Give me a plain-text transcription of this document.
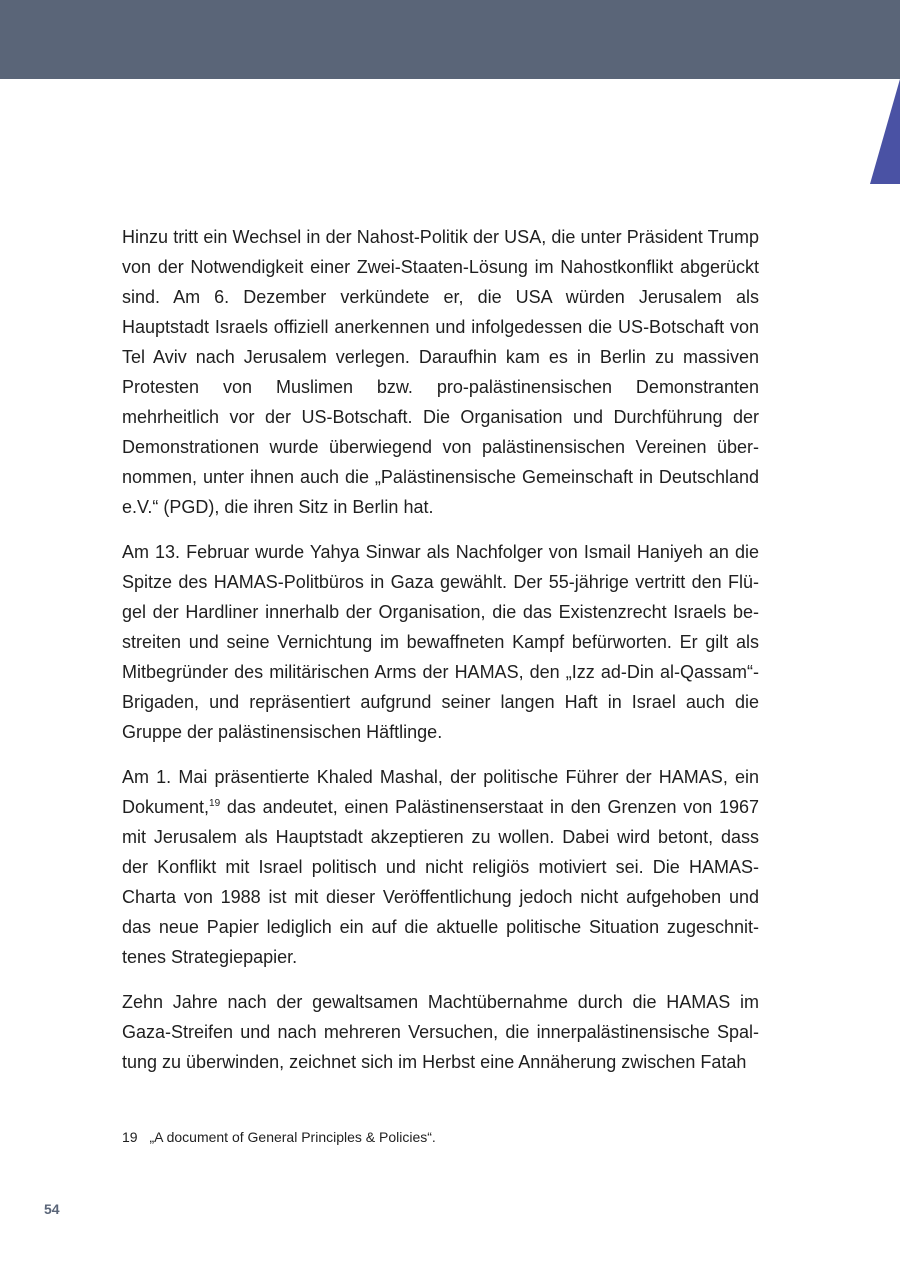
Hinzu tritt ein Wechsel in der Nahost-Politik der USA, die unter Präsident Trump von der Notwendigkeit einer Zwei-Staaten-Lösung im Nahostkonflikt abgerückt sind. Am 6. Dezember verkündete er, die USA würden Jerusalem als Hauptstadt Israels offiziell anerkennen und infolgedessen die US-Botschaft von Tel Aviv nach Jerusalem verlegen. Daraufhin kam es in Berlin zu massiven Protesten von Muslimen bzw. pro-palästinensischen Demonstranten mehrheitlich vor der US-Botschaft. Die Organisation und Durchführung der Demonstrationen wurde überwiegend von palästinensischen Vereinen übernommen, unter ihnen auch die „Palästinensische Gemeinschaft in Deutschland e.V.“ (PGD), die ihren Sitz in Berlin hat.

Am 13. Februar wurde Yahya Sinwar als Nachfolger von Ismail Haniyeh an die Spitze des HAMAS-Politbüros in Gaza gewählt. Der 55-jährige vertritt den Flügel der Hardliner innerhalb der Organisation, die das Existenzrecht Israels bestreiten und seine Vernichtung im bewaffneten Kampf befürworten. Er gilt als Mitbegründer des militärischen Arms der HAMAS, den „Izz ad-Din al-Qassam“-Brigaden, und repräsentiert aufgrund seiner langen Haft in Israel auch die Gruppe der palästinensischen Häftlinge.

Am 1. Mai präsentierte Khaled Mashal, der politische Führer der HAMAS, ein Dokument,$^{19}$ das andeutet, einen Palästinenserstaat in den Grenzen von 1967 mit Jerusalem als Hauptstadt akzeptieren zu wollen. Dabei wird betont, dass der Konflikt mit Israel politisch und nicht religiös motiviert sei. Die HAMAS-Charta von 1988 ist mit dieser Veröffentlichung jedoch nicht aufgehoben und das neue Papier lediglich ein auf die aktuelle politische Situation zugeschnittenes Strategiepapier.

Zehn Jahre nach der gewaltsamen Machtübernahme durch die HAMAS im Gaza-Streifen und nach mehreren Versuchen, die innerpalästinensische Spaltung zu überwinden, zeichnet sich im Herbst eine Annäherung zwischen Fatah

19 „A document of General Principles & Policies“.
54
